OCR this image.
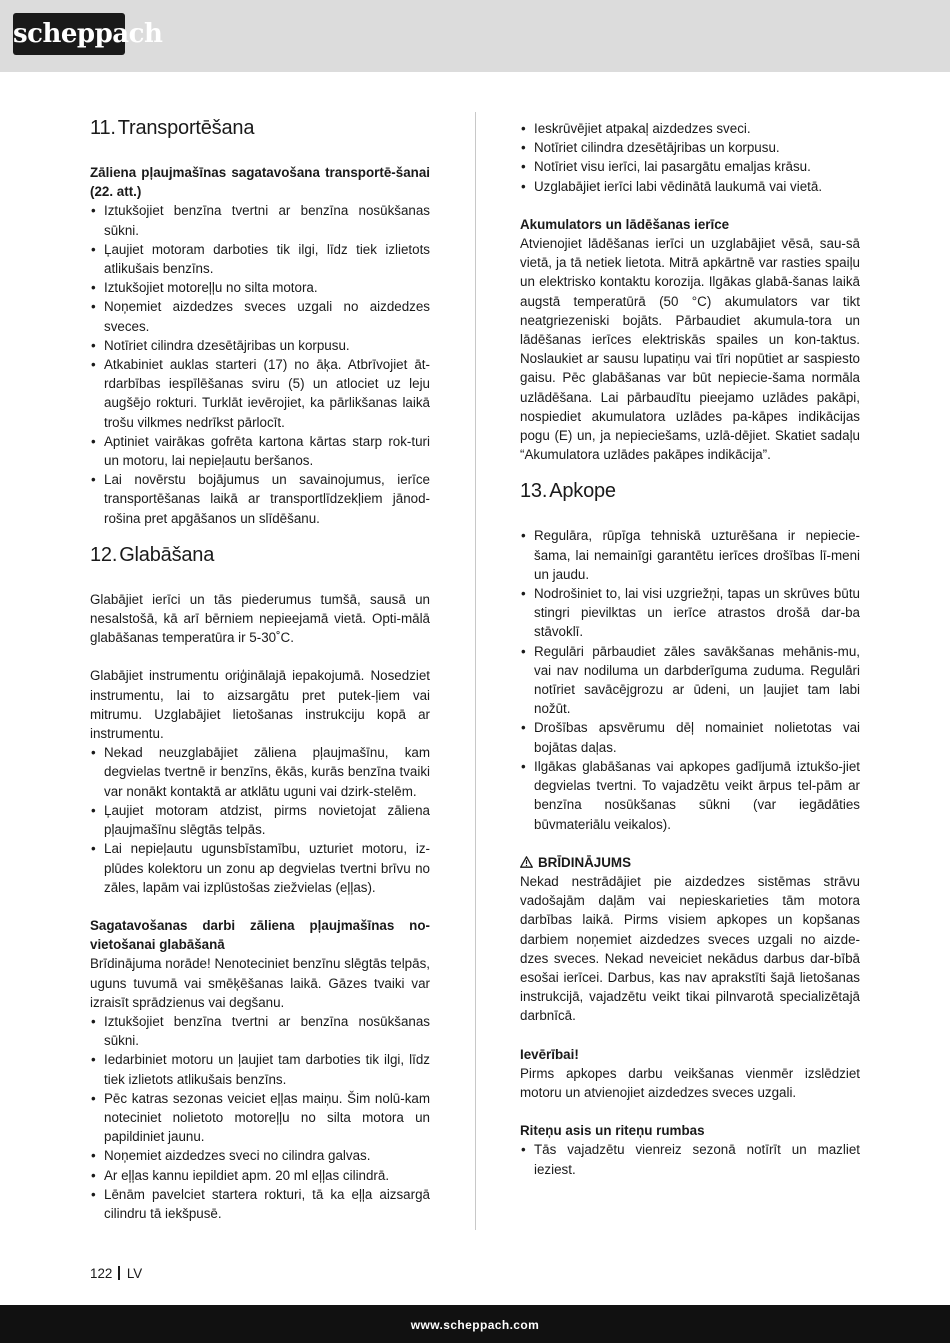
scheppach
11. Transportēšana

Zāliena pļaujmašīnas sagatavošana transportē-šanai (22. att.)

• Iztukšojiet benzīna tvertni ar benzīna nosūkšanas sūkni.
• Ļaujiet motoram darboties tik ilgi, līdz tiek izlietots atlikušais benzīns.
• Iztukšojiet motoreļļu no silta motora.
• Noņemiet aizdedzes sveces uzgali no aizdedzes sveces.
• Notīriet cilindra dzesētājribas un korpusu.
• Atkabiniet auklas starteri (17) no āķa. Atbrīvojiet āt-rdarbības iespīlēšanas sviru (5) un atlociet uz leju augšējo rokturi. Turklāt ievērojiet, ka pārlikšanas laikā trošu vilkmes nedrīkst pārlocīt.
• Aptiniet vairākas gofrēta kartona kārtas starp rok-turi un motoru, lai nepieļautu beršanos.
• Lai novērstu bojājumus un savainojumus, ierīce transportēšanas laikā ar transportlīdzekļiem jānod-rošina pret apgāšanos un slīdēšanu.
12. Glabāšana

Glabājiet ierīci un tās piederumus tumšā, sausā un nesalstošā, kā arī bērniem nepieejamā vietā. Opti-mālā glabāšanas temperatūra ir 5-30˚C.

Glabājiet instrumentu oriģinālajā iepakojumā. Nosedziet instrumentu, lai to aizsargātu pret putek-ļiem vai mitrumu. Uzglabājiet lietošanas instrukciju kopā ar instrumentu.

• Nekad neuzglabājiet zāliena pļaujmašīnu, kam degvielas tvertnē ir benzīns, ēkās, kurās benzīna tvaiki var nonākt kontaktā ar atklātu uguni vai dzirk-stelēm.
• Ļaujiet motoram atdzist, pirms novietojat zāliena pļaujmašīnu slēgtās telpās.
• Lai nepieļautu ugunsbīstamību, uzturiet motoru, iz-plūdes kolektoru un zonu ap degvielas tvertni brīvu no zāles, lapām vai izplūstošas ziežvielas (eļļas).

Sagatavošanas darbi zāliena pļaujmašīnas no-vietošanai glabāšanā

Brīdinājuma norāde! Nenoteciniet benzīnu slēgtās telpās, uguns tuvumā vai smēķēšanas laikā. Gāzes tvaiki var izraisīt sprādzienus vai degšanu.

• Iztukšojiet benzīna tvertni ar benzīna nosūkšanas sūkni.
• Iedarbiniet motoru un ļaujiet tam darboties tik ilgi, līdz tiek izlietots atlikušais benzīns.
• Pēc katras sezonas veiciet eļļas maiņu. Šim nolū-kam noteciniet nolietoto motoreļļu no silta motora un papildiniet jaunu.
• Noņemiet aizdedzes sveci no cilindra galvas.
• Ar eļļas kannu iepildiet apm. 20 ml eļļas cilindrā.
• Lēnām pavelciet startera rokturi, tā ka eļļa aizsargā cilindru tā iekšpusē.
• Ieskrūvējiet atpakaļ aizdedzes sveci.
• Notīriet cilindra dzesētājribas un korpusu.
• Notīriet visu ierīci, lai pasargātu emaljas krāsu.
• Uzglabājiet ierīci labi vēdinātā laukumā vai vietā.

Akumulators un lādēšanas ierīce

Atvienojiet lādēšanas ierīci un uzglabājiet vēsā, sau-sā vietā, ja tā netiek lietota. Mitrā apkārtnē var rasties spaiļu un elektrisko kontaktu korozija. Ilgākas glabā-šanas laikā augstā temperatūrā (50 °C) akumulators var tikt neatgriezeniski bojāts. Pārbaudiet akumula-tora un lādēšanas ierīces elektriskās spailes un kon-taktus. Noslaukiet ar sausu lupatiņu vai tīri nopūtiet ar saspiesto gaisu. Pēc glabāšanas var būt nepiecie-šama normāla uzlādēšana. Lai pārbaudītu pieejamo uzlādes pakāpi, nospiediet akumulatora uzlādes pa-kāpes indikācijas pogu (E) un, ja nepieciešams, uzlā-dējiet. Skatiet sadaļu “Akumulatora uzlādes pakāpes indikācija”.

13. Apkope
• Regulāra, rūpīga tehniskā uzturēšana ir nepiecie-šama, lai nemainīgi garantētu ierīces drošības lī-meni un jaudu.
• Nodrošiniet to, lai visi uzgriežņi, tapas un skrūves būtu stingri pievilktas un ierīce atrastos drošā dar-ba stāvoklī.
• Regulāri pārbaudiet zāles savākšanas mehānis-mu, vai nav nodiluma un darbderīguma zuduma. Regulāri notīriet savācējgrozu ar ūdeni, un ļaujiet tam labi nožūt.
• Drošības apsvērumu dēļ nomainiet nolietotas vai bojātas daļas.
• Ilgākas glabāšanas vai apkopes gadījumā iztukšo-jiet degvielas tvertni. To vajadzētu veikt ārpus tel-pām ar benzīna nosūkšanas sūkni (var iegādāties būvmateriālu veikalos).
BRĪDINĀJUMS

Nekad nestrādājiet pie aizdedzes sistēmas strāvu vadošajām daļām vai nepieskarieties tām motora darbības laikā. Pirms visiem apkopes un kopšanas darbiem noņemiet aizdedzes sveces uzgali no aizde-dzes sveces. Nekad neveiciet nekādus darbus dar-bībā esošai ierīcei. Darbus, kas nav aprakstīti šajā lietošanas instrukcijā, vajadzētu veikt tikai pilnvarotā specializētajā darbnīcā.

Ievērībai!

Pirms apkopes darbu veikšanas vienmēr izslēdziet motoru un atvienojiet aizdedzes sveces uzgali.

Riteņu asis un riteņu rumbas

• Tās vajadzētu vienreiz sezonā notīrīt un mazliet ieziest.
122 LV
www.scheppach.com
